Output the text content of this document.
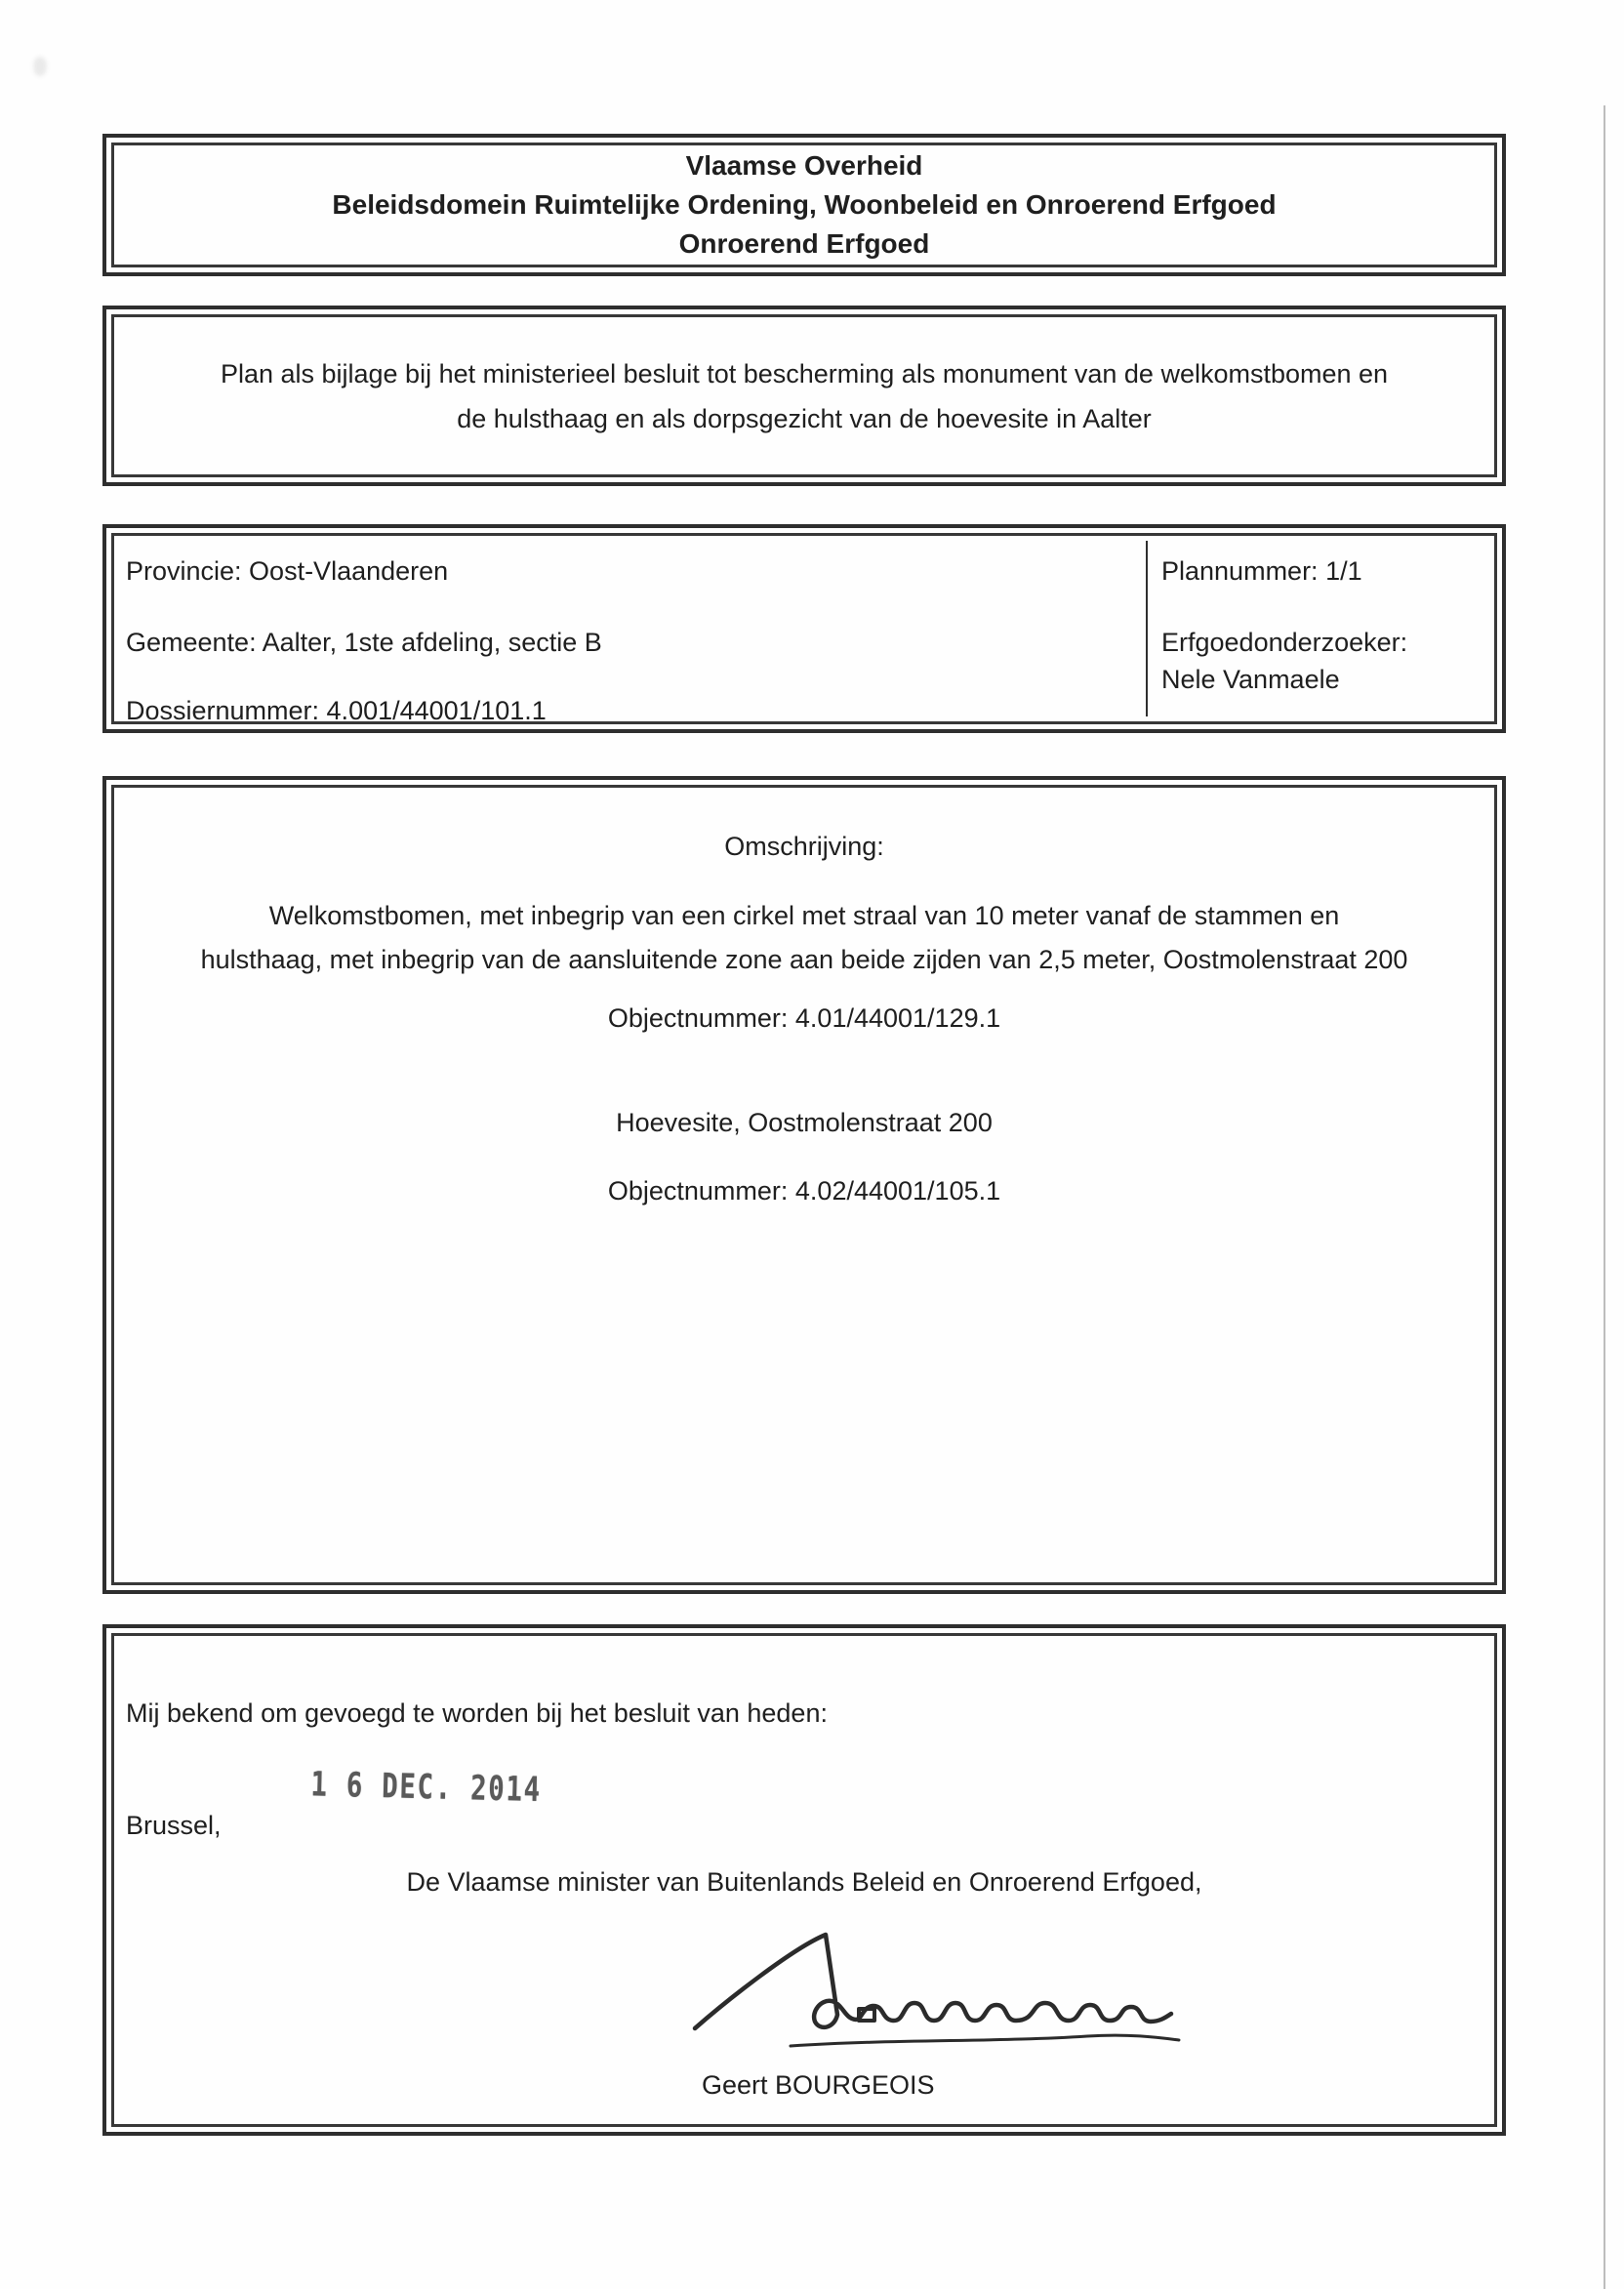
Vlaamse Overheid
Beleidsdomein Ruimtelijke Ordening, Woonbeleid en Onroerend Erfgoed
Onroerend Erfgoed
Plan als bijlage bij het ministerieel besluit tot bescherming als monument van de welkomstbomen en
de hulsthaag en als dorpsgezicht van de hoevesite in Aalter
Provincie: Oost-Vlaanderen
Gemeente: Aalter, 1ste afdeling, sectie B
Dossiernummer: 4.001/44001/101.1
Plannummer: 1/1
Erfgoedonderzoeker:
Nele Vanmaele
Omschrijving:
Welkomstbomen, met inbegrip van een cirkel met straal van 10 meter vanaf de stammen en
hulsthaag, met inbegrip van de aansluitende zone aan beide zijden van 2,5 meter, Oostmolenstraat 200
Objectnummer: 4.01/44001/129.1
Hoevesite, Oostmolenstraat 200
Objectnummer: 4.02/44001/105.1
Mij bekend om gevoegd te worden bij het besluit van heden:
1 6 DEC. 2014
Brussel,
De Vlaamse minister van Buitenlands Beleid en Onroerend Erfgoed,
Geert BOURGEOIS
